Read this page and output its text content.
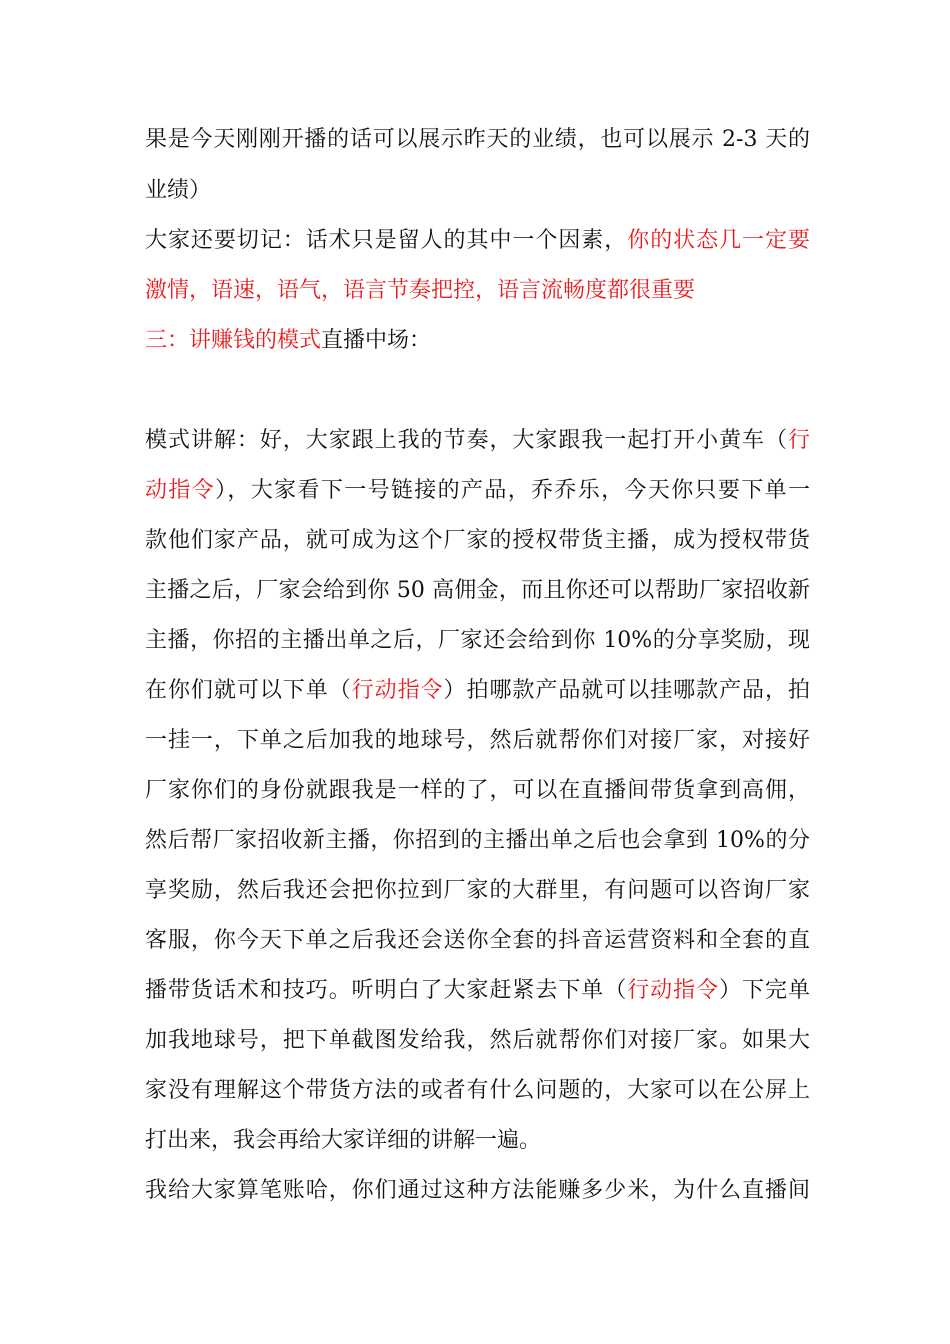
果是今天刚刚开播的话可以展示昨天的业绩，也可以展示 2-3 天的
业绩）
大家还要切记：话术只是留人的其中一个因素，你的状态几一定要
激情，语速，语气，语言节奏把控，语言流畅度都很重要
三：讲赚钱的模式直播中场：
模式讲解：好，大家跟上我的节奏，大家跟我一起打开小黄车（行
动指令），大家看下一号链接的产品，乔乔乐，今天你只要下单一
款他们家产品，就可成为这个厂家的授权带货主播，成为授权带货
主播之后，厂家会给到你 50 高佣金，而且你还可以帮助厂家招收新
主播，你招的主播出单之后，厂家还会给到你 10%的分享奖励，现
在你们就可以下单（行动指令）拍哪款产品就可以挂哪款产品，拍
一挂一，下单之后加我的地球号，然后就帮你们对接厂家，对接好
厂家你们的身份就跟我是一样的了，可以在直播间带货拿到高佣，
然后帮厂家招收新主播，你招到的主播出单之后也会拿到 10%的分
享奖励，然后我还会把你拉到厂家的大群里，有问题可以咨询厂家
客服，你今天下单之后我还会送你全套的抖音运营资料和全套的直
播带货话术和技巧。听明白了大家赶紧去下单（行动指令）下完单
加我地球号，把下单截图发给我，然后就帮你们对接厂家。如果大
家没有理解这个带货方法的或者有什么问题的，大家可以在公屏上
打出来，我会再给大家详细的讲解一遍。
我给大家算笔账哈，你们通过这种方法能赚多少米，为什么直播间
